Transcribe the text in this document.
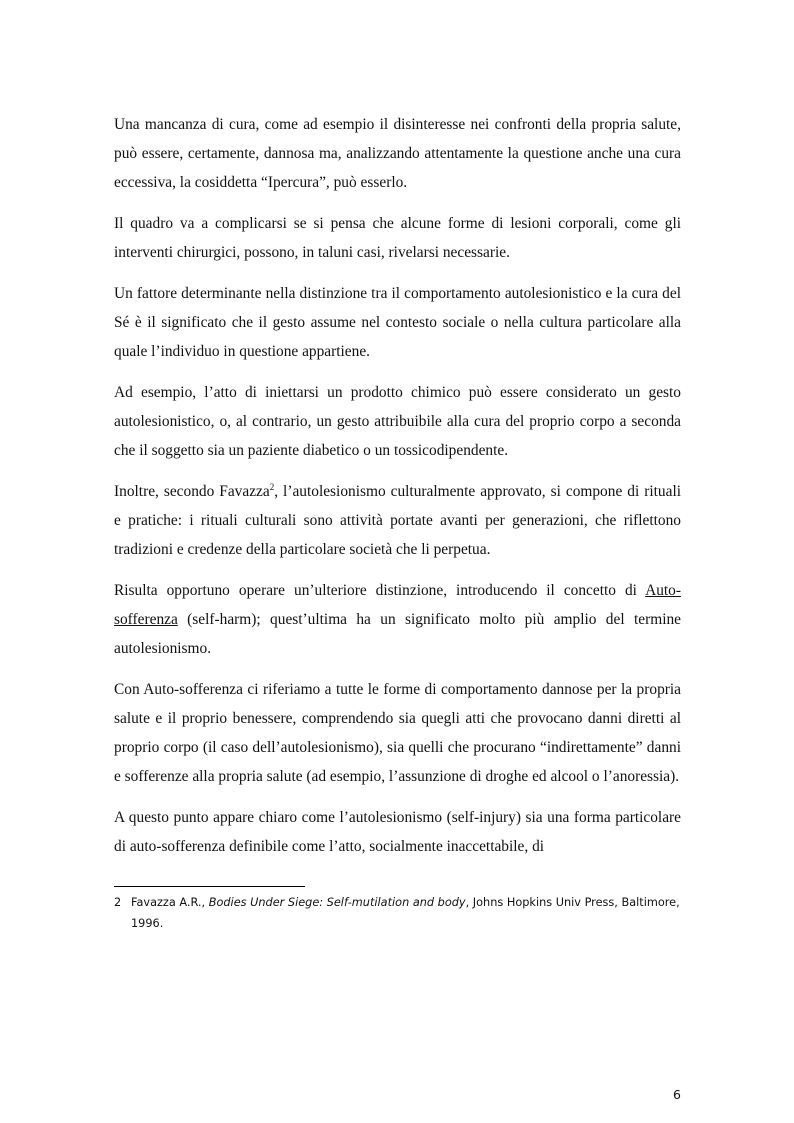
Una mancanza di cura, come ad esempio il disinteresse nei confronti della propria salute, può essere, certamente, dannosa ma, analizzando attentamente la questione anche una cura eccessiva, la cosiddetta “Ipercura”, può esserlo.

Il quadro va a complicarsi se si pensa che alcune forme di lesioni corporali, come gli interventi chirurgici, possono, in taluni casi, rivelarsi necessarie.

Un fattore determinante nella distinzione tra il comportamento autolesionistico e la cura del Sé è il significato che il gesto assume nel contesto sociale o nella cultura particolare alla quale l’individuo in questione appartiene.

Ad esempio, l’atto di iniettarsi un prodotto chimico può essere considerato un gesto autolesionistico, o, al contrario, un gesto attribuibile alla cura del proprio corpo a seconda che il soggetto sia un paziente diabetico o un tossicodipendente.

Inoltre, secondo Favazza$^2$, l’autolesionismo culturalmente approvato, si compone di rituali e pratiche: i rituali culturali sono attività portate avanti per generazioni, che riflettono tradizioni e credenze della particolare società che li perpetua.

Risulta opportuno operare un’ulteriore distinzione, introducendo il concetto di Auto-sofferenza (self-harm); quest’ultima ha un significato molto più amplio del termine autolesionismo.

Con Auto-sofferenza ci riferiamo a tutte le forme di comportamento dannose per la propria salute e il proprio benessere, comprendendo sia quegli atti che provocano danni diretti al proprio corpo (il caso dell’autolesionismo), sia quelli che procurano “indirettamente” danni e sofferenze alla propria salute (ad esempio, l’assunzione di droghe ed alcool o l’anoressia).

A questo punto appare chiaro come l’autolesionismo (self-injury) sia una forma particolare di auto-sofferenza definibile come l’atto, socialmente inaccettabile, di

2 Favazza A.R., Bodies Under Siege: Self-mutilation and body, Johns Hopkins Univ Press, Baltimore, 1996.
6
